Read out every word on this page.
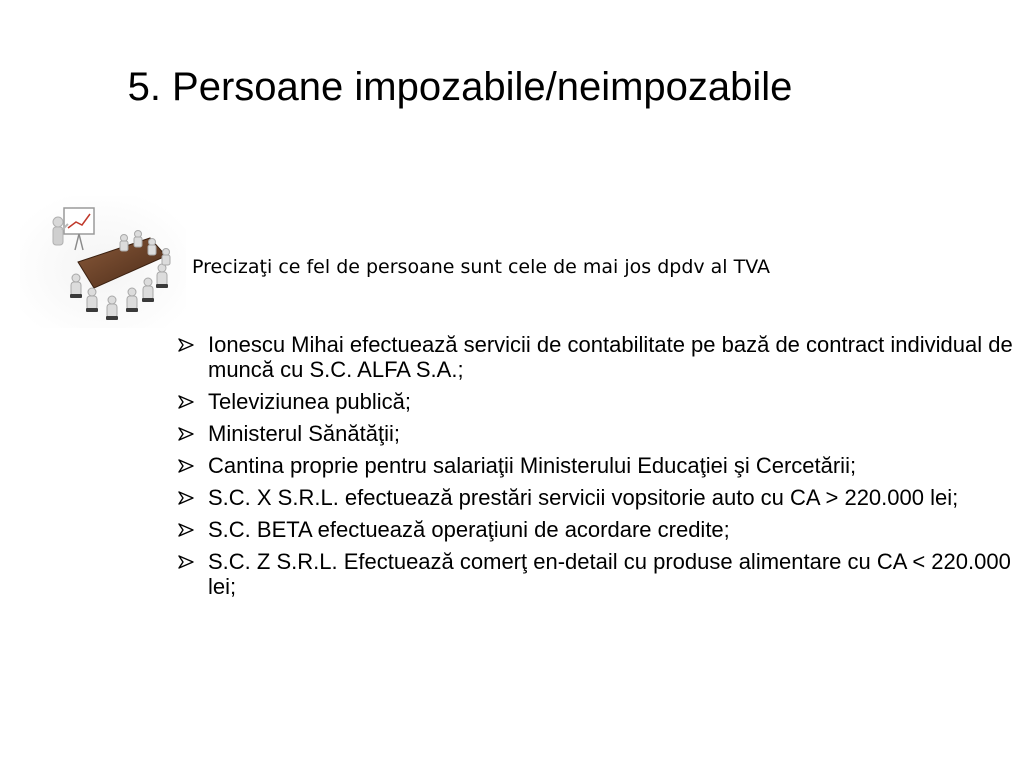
5. Persoane impozabile/neimpozabile
Precizaţi ce fel de persoane sunt cele de mai jos dpdv al TVA
Ionescu Mihai efectuează servicii de contabilitate pe bază de contract individual de muncă cu S.C. ALFA S.A.;
Televiziunea publică;
Ministerul Sănătăţii;
Cantina proprie pentru salariaţii Ministerului Educaţiei şi Cercetării;
S.C. X S.R.L. efectuează prestări servicii vopsitorie auto cu CA > 220.000 lei;
S.C. BETA efectuează operaţiuni de acordare credite;
S.C. Z S.R.L. Efectuează comerţ en-detail cu produse alimentare cu CA < 220.000 lei;
